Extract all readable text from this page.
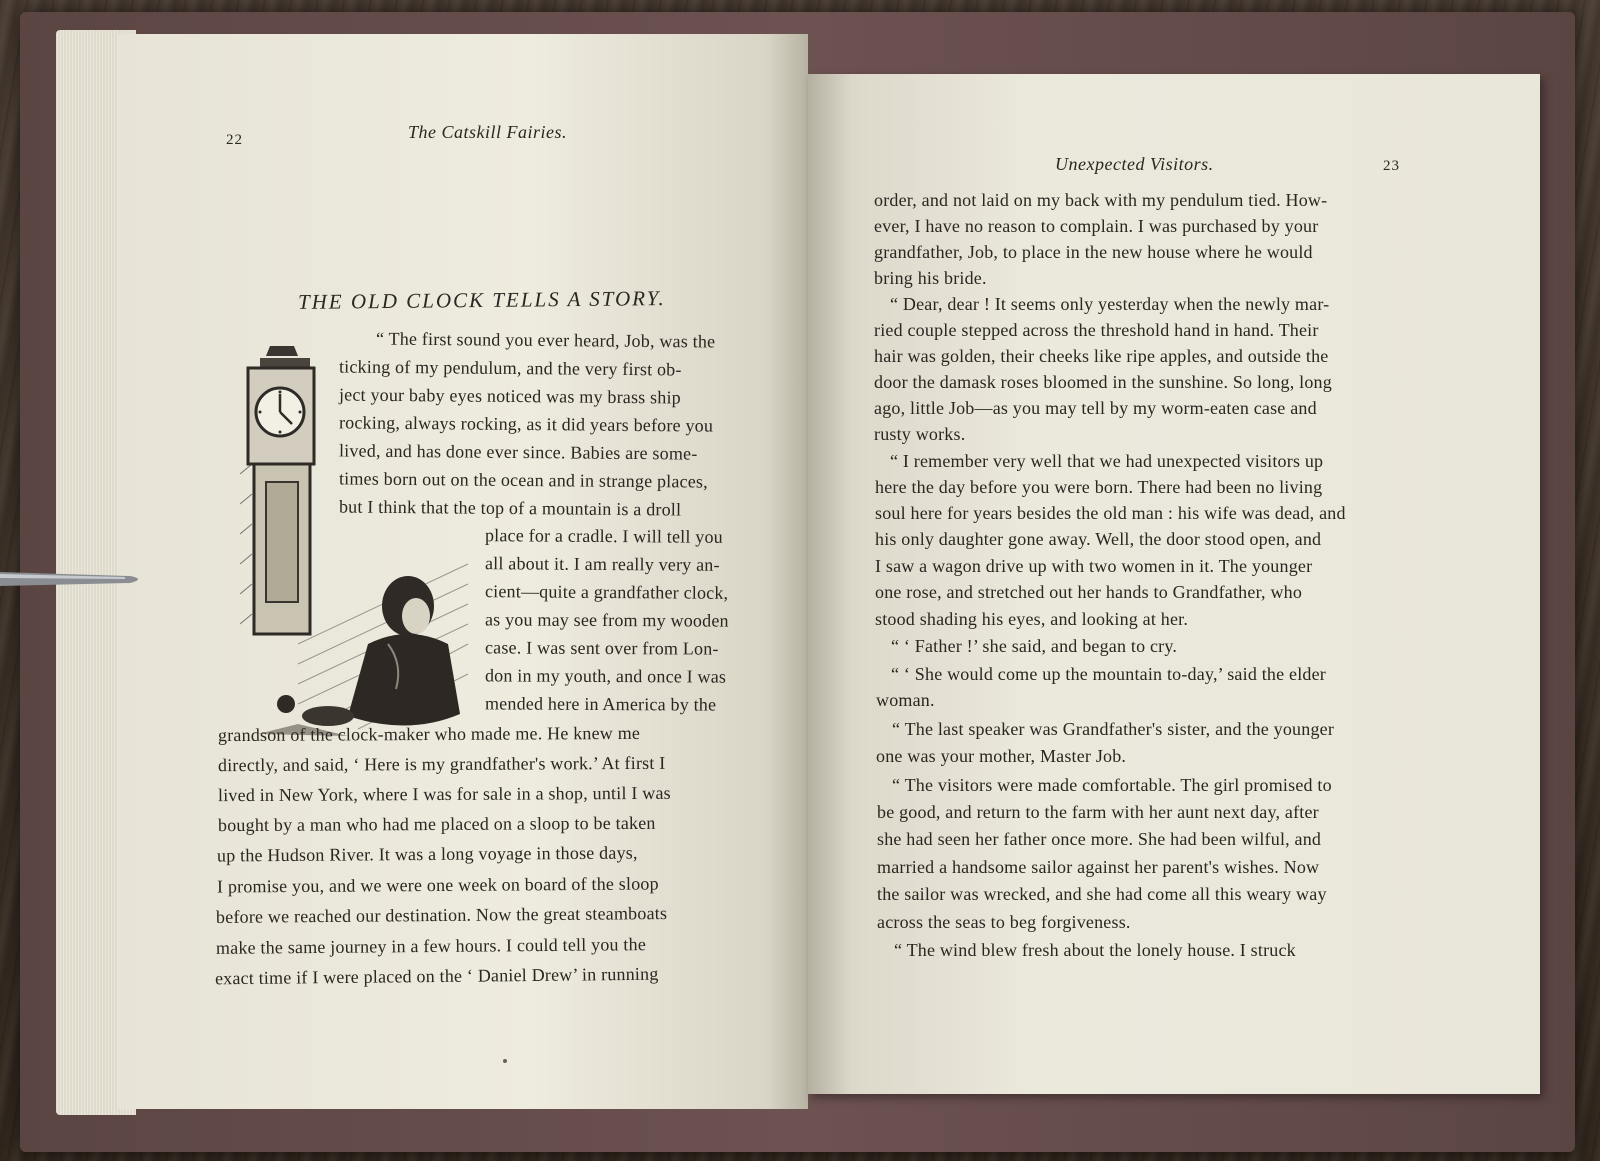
22	The Catskill Fairies.
THE OLD CLOCK TELLS A STORY.
“ The first sound you ever heard, Job, was the
ticking of my pendulum, and the very first ob-
ject your baby eyes noticed was my brass ship
rocking, always rocking, as it did years before you
lived, and has done ever since. Babies are some-
times born out on the ocean and in strange places,
but I think that the top of a mountain is a droll
place for a cradle. I will tell you
all about it. I am really very an-
cient—quite a grandfather clock,
as you may see from my wooden
case. I was sent over from Lon-
don in my youth, and once I was
mended here in America by the
grandson of the clock-maker who made me. He knew me
directly, and said, ‘ Here is my grandfather's work.’ At first I
lived in New York, where I was for sale in a shop, until I was
bought by a man who had me placed on a sloop to be taken
up the Hudson River. It was a long voyage in those days,
I promise you, and we were one week on board of the sloop
before we reached our destination. Now the great steamboats
make the same journey in a few hours. I could tell you the
exact time if I were placed on the ‘ Daniel Drew’ in running
Unexpected Visitors.	23
order, and not laid on my back with my pendulum tied. How-
ever, I have no reason to complain. I was purchased by your
grandfather, Job, to place in the new house where he would
bring his bride.
“ Dear, dear ! It seems only yesterday when the newly mar-
ried couple stepped across the threshold hand in hand. Their
hair was golden, their cheeks like ripe apples, and outside the
door the damask roses bloomed in the sunshine. So long, long
ago, little Job—as you may tell by my worm-eaten case and
rusty works.
“ I remember very well that we had unexpected visitors up
here the day before you were born. There had been no living
soul here for years besides the old man : his wife was dead, and
his only daughter gone away. Well, the door stood open, and
I saw a wagon drive up with two women in it. The younger
one rose, and stretched out her hands to Grandfather, who
stood shading his eyes, and looking at her.
“ ‘ Father !’ she said, and began to cry.
“ ‘ She would come up the mountain to-day,’ said the elder
woman.
“ The last speaker was Grandfather's sister, and the younger
one was your mother, Master Job.
“ The visitors were made comfortable. The girl promised to
be good, and return to the farm with her aunt next day, after
she had seen her father once more. She had been wilful, and
married a handsome sailor against her parent's wishes. Now
the sailor was wrecked, and she had come all this weary way
across the seas to beg forgiveness.
“ The wind blew fresh about the lonely house. I struck
